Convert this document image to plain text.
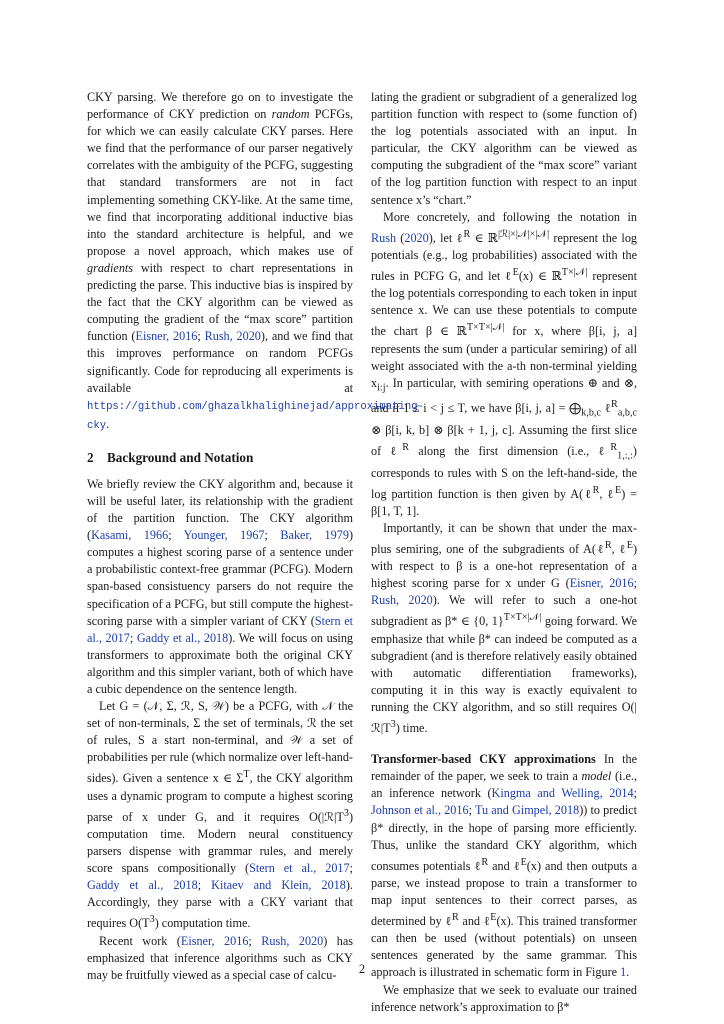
CKY parsing. We therefore go on to investigate the performance of CKY prediction on random PCFGs, for which we can easily calculate CKY parses. Here we find that the performance of our parser negatively correlates with the ambiguity of the PCFG, suggesting that standard transformers are not in fact implementing something CKY-like. At the same time, we find that incorporating additional inductive bias into the standard architecture is helpful, and we propose a novel approach, which makes use of gradients with respect to chart representations in predicting the parse. This inductive bias is inspired by the fact that the CKY algorithm can be viewed as computing the gradient of the “max score” partition function (Eisner, 2016; Rush, 2020), and we find that this improves performance on random PCFGs significantly. Code for reproducing all experiments is available at https://github.com/ghazalkhalighinejad/approximating-cky.

2 Background and Notation

We briefly review the CKY algorithm and, because it will be useful later, its relationship with the gradient of the partition function. The CKY algorithm (Kasami, 1966; Younger, 1967; Baker, 1979) computes a highest scoring parse of a sentence under a probabilistic context-free grammar (PCFG). Modern span-based consistuency parsers do not require the specification of a PCFG, but still compute the highest-scoring parse with a simpler variant of CKY (Stern et al., 2017; Gaddy et al., 2018). We will focus on using transformers to approximate both the original CKY algorithm and this simpler variant, both of which have a cubic dependence on the sentence length.

Let G = (𝒩, Σ, ℛ, S, 𝒲) be a PCFG, with 𝒩 the set of non-terminals, Σ the set of terminals, ℛ the set of rules, S a start non-terminal, and 𝒲 a set of probabilities per rule (which normalize over left-hand-sides). Given a sentence x ∈ $\Sigma^T$, the CKY algorithm uses a dynamic program to compute a highest scoring parse of x under G, and it requires $O(|ℛ|T^3)$ computation time. Modern neural constituency parsers dispense with grammar rules, and merely score spans compositionally (Stern et al., 2017; Gaddy et al., 2018; Kitaev and Klein, 2018). Accordingly, they parse with a CKY variant that requires $O(T^3)$ computation time.

Recent work (Eisner, 2016; Rush, 2020) has emphasized that inference algorithms such as CKY may be fruitfully viewed as a special case of calcu-

lating the gradient or subgradient of a generalized log partition function with respect to (some function of) the log potentials associated with an input. In particular, the CKY algorithm can be viewed as computing the subgradient of the “max score” variant of the log partition function with respect to an input sentence x’s “chart.”

More concretely, and following the notation in Rush (2020), let ℓ$^R$ ∈ ℝ$^{|ℛ|\times|𝒩|\times|𝒩|}$ represent the log potentials (e.g., log probabilities) associated with the rules in PCFG G, and let ℓ$^E$(x) ∈ ℝ$^{T\times|𝒩|}$ represent the log potentials corresponding to each token in input sentence x. We can use these potentials to compute the chart β ∈ ℝ$^{T\times T\times|𝒩|}$ for x, where β[i, j, a] represents the sum (under a particular semiring) of all weight associated with the a-th non-terminal yielding $x_{i:j}$. In particular, with semiring operations ⊕ and ⊗, and if 1 ≤ i < j ≤ T, we have β[i, j, $a] = ⨁_{k,b,c}$ ℓ$^R_{a,b,c}$ ⊗ β[i, k, b] ⊗ β[k + 1, j, c]. Assuming the first slice of ℓ$^R$ along the first dimension (i.e., ℓ$^R_{1,:,:}$) corresponds to rules with S on the left-hand-side, the log partition function is then given by A(ℓ$^R$, ℓ$^E$) = β[1, T, 1].

Importantly, it can be shown that under the max-plus semiring, one of the subgradients of A(ℓ$^R$, ℓ$^E$) with respect to β is a one-hot representation of a highest scoring parse for x under G (Eisner, 2016; Rush, 2020). We will refer to such a one-hot subgradient as β* ∈ {0, 1}$^{T\times T\times|𝒩|}$ going forward. We emphasize that while β* can indeed be computed as a subgradient (and is therefore relatively easily obtained with automatic differentiation frameworks), computing it in this way is exactly equivalent to running the CKY algorithm, and so still requires $O(|ℛ|T^3)$ time.

Transformer-based CKY approximations In the remainder of the paper, we seek to train a model (i.e., an inference network (Kingma and Welling, 2014; Johnson et al., 2016; Tu and Gimpel, 2018)) to predict β* directly, in the hope of parsing more efficiently. Thus, unlike the standard CKY algorithm, which consumes potentials ℓ$^R$ and ℓ$^E$(x) and then outputs a parse, we instead propose to train a transformer to map input sentences to their correct parses, as determined by ℓ$^R$ and ℓ$^E$(x). This trained transformer can then be used (without potentials) on unseen sentences generated by the same grammar. This approach is illustrated in schematic form in Figure 1.

We emphasize that we seek to evaluate our trained inference network’s approximation to β*

2
